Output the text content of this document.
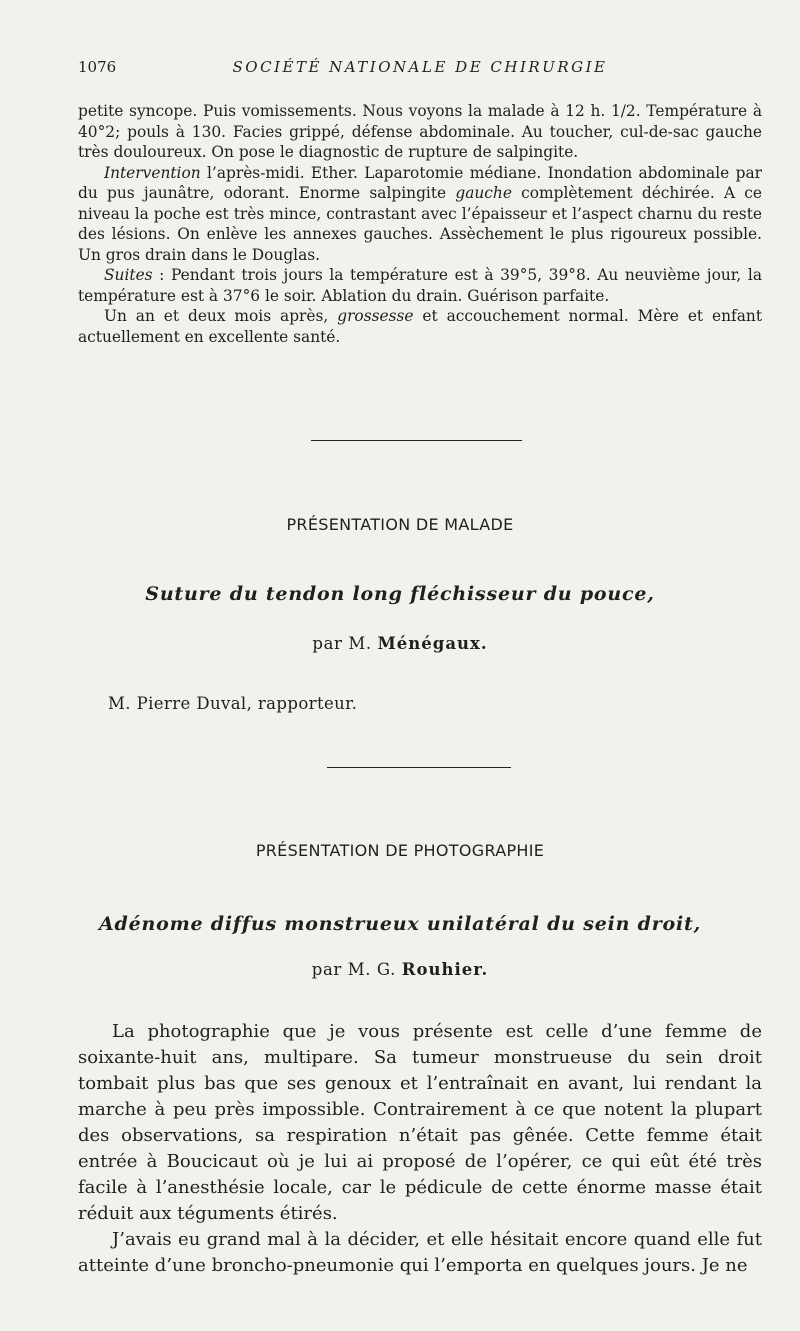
1076	SOCIÉTÉ NATIONALE DE CHIRURGIE

petite syncope. Puis vomissements. Nous voyons la malade à 12 h. 1/2. Température à 40°2; pouls à 130. Facies grippé, défense abdominale. Au toucher, cul-de-sac gauche très douloureux. On pose le diagnostic de rupture de salpingite.

Intervention l’après-midi. Ether. Laparotomie médiane. Inondation abdominale par du pus jaunâtre, odorant. Enorme salpingite gauche complètement déchirée. A ce niveau la poche est très mince, contrastant avec l’épaisseur et l’aspect charnu du reste des lésions. On enlève les annexes gauches. Assèchement le plus rigoureux possible. Un gros drain dans le Douglas.

Suites : Pendant trois jours la température est à 39°5, 39°8. Au neuvième jour, la température est à 37°6 le soir. Ablation du drain. Guérison parfaite.

Un an et deux mois après, grossesse et accouchement normal. Mère et enfant actuellement en excellente santé.

PRÉSENTATION DE MALADE
Suture du tendon long fléchisseur du pouce,
par M. Ménégaux.
M. Pierre Duval, rapporteur.
PRÉSENTATION DE PHOTOGRAPHIE
Adénome diffus monstrueux unilatéral du sein droit,
par M. G. Rouhier.

La photographie que je vous présente est celle d’une femme de soixante-huit ans, multipare. Sa tumeur monstrueuse du sein droit tombait plus bas que ses genoux et l’entraînait en avant, lui rendant la marche à peu près impossible. Contrairement à ce que notent la plupart des observations, sa respiration n’était pas gênée. Cette femme était entrée à Boucicaut où je lui ai proposé de l’opérer, ce qui eût été très facile à l’anesthésie locale, car le pédicule de cette énorme masse était réduit aux téguments étirés.

J’avais eu grand mal à la décider, et elle hésitait encore quand elle fut atteinte d’une broncho-pneumonie qui l’emporta en quelques jours. Je ne
